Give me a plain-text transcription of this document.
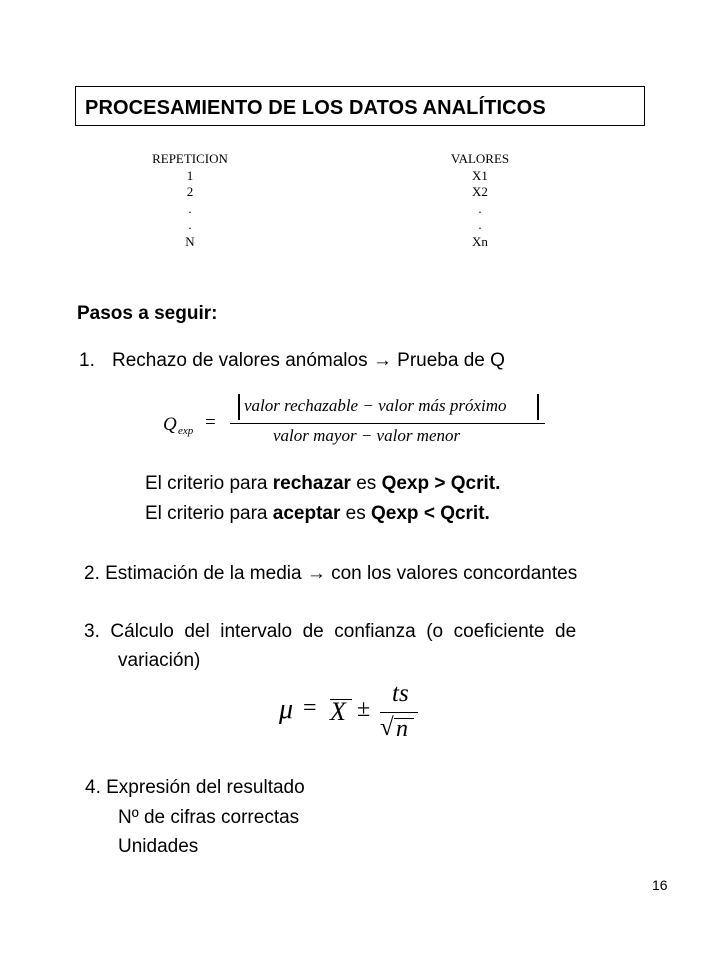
PROCESAMIENTO DE LOS DATOS ANALÍTICOS
REPETICION
1
2
.
.
N
VALORES
X1
X2
.
.
Xn
Pasos a seguir:
1. Rechazo de valores anómalos → Prueba de Q
Q exp =
valor rechazable − valor más próximo
valor mayor − valor menor
El criterio para rechazar es Qexp > Qcrit.
El criterio para aceptar es Qexp < Qcrit.
2. Estimación de la media → con los valores concordantes
3.  Cálculo  del  intervalo  de  confianza  (o  coeficiente  de
variación)
μ = X ±
ts
√ n
4. Expresión del resultado
Nº de cifras correctas
Unidades
16
